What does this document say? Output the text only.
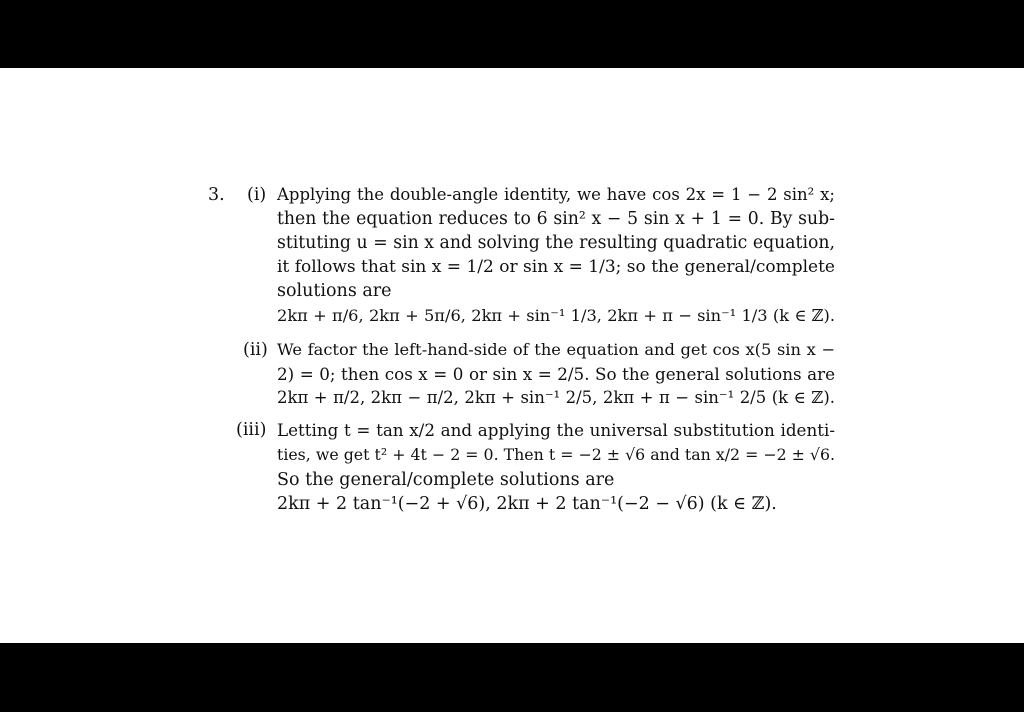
3. (i) Applying the double-angle identity, we have cos 2x = 1 − 2 sin² x;
then the equation reduces to 6 sin² x − 5 sin x + 1 = 0. By sub-
stituting u = sin x and solving the resulting quadratic equation,
it follows that sin x = 1/2 or sin x = 1/3; so the general/complete
solutions are
2kπ + π/6, 2kπ + 5π/6, 2kπ + sin⁻¹ 1/3, 2kπ + π − sin⁻¹ 1/3 (k ∈ ℤ).
(ii) We factor the left-hand-side of the equation and get cos x(5 sin x −
2) = 0; then cos x = 0 or sin x = 2/5. So the general solutions are
2kπ + π/2, 2kπ − π/2, 2kπ + sin⁻¹ 2/5, 2kπ + π − sin⁻¹ 2/5 (k ∈ ℤ).
(iii) Letting t = tan x/2 and applying the universal substitution identi-
ties, we get t² + 4t − 2 = 0. Then t = −2 ± √6 and tan x/2 = −2 ± √6.
So the general/complete solutions are
2kπ + 2 tan⁻¹(−2 + √6), 2kπ + 2 tan⁻¹(−2 − √6) (k ∈ ℤ).
